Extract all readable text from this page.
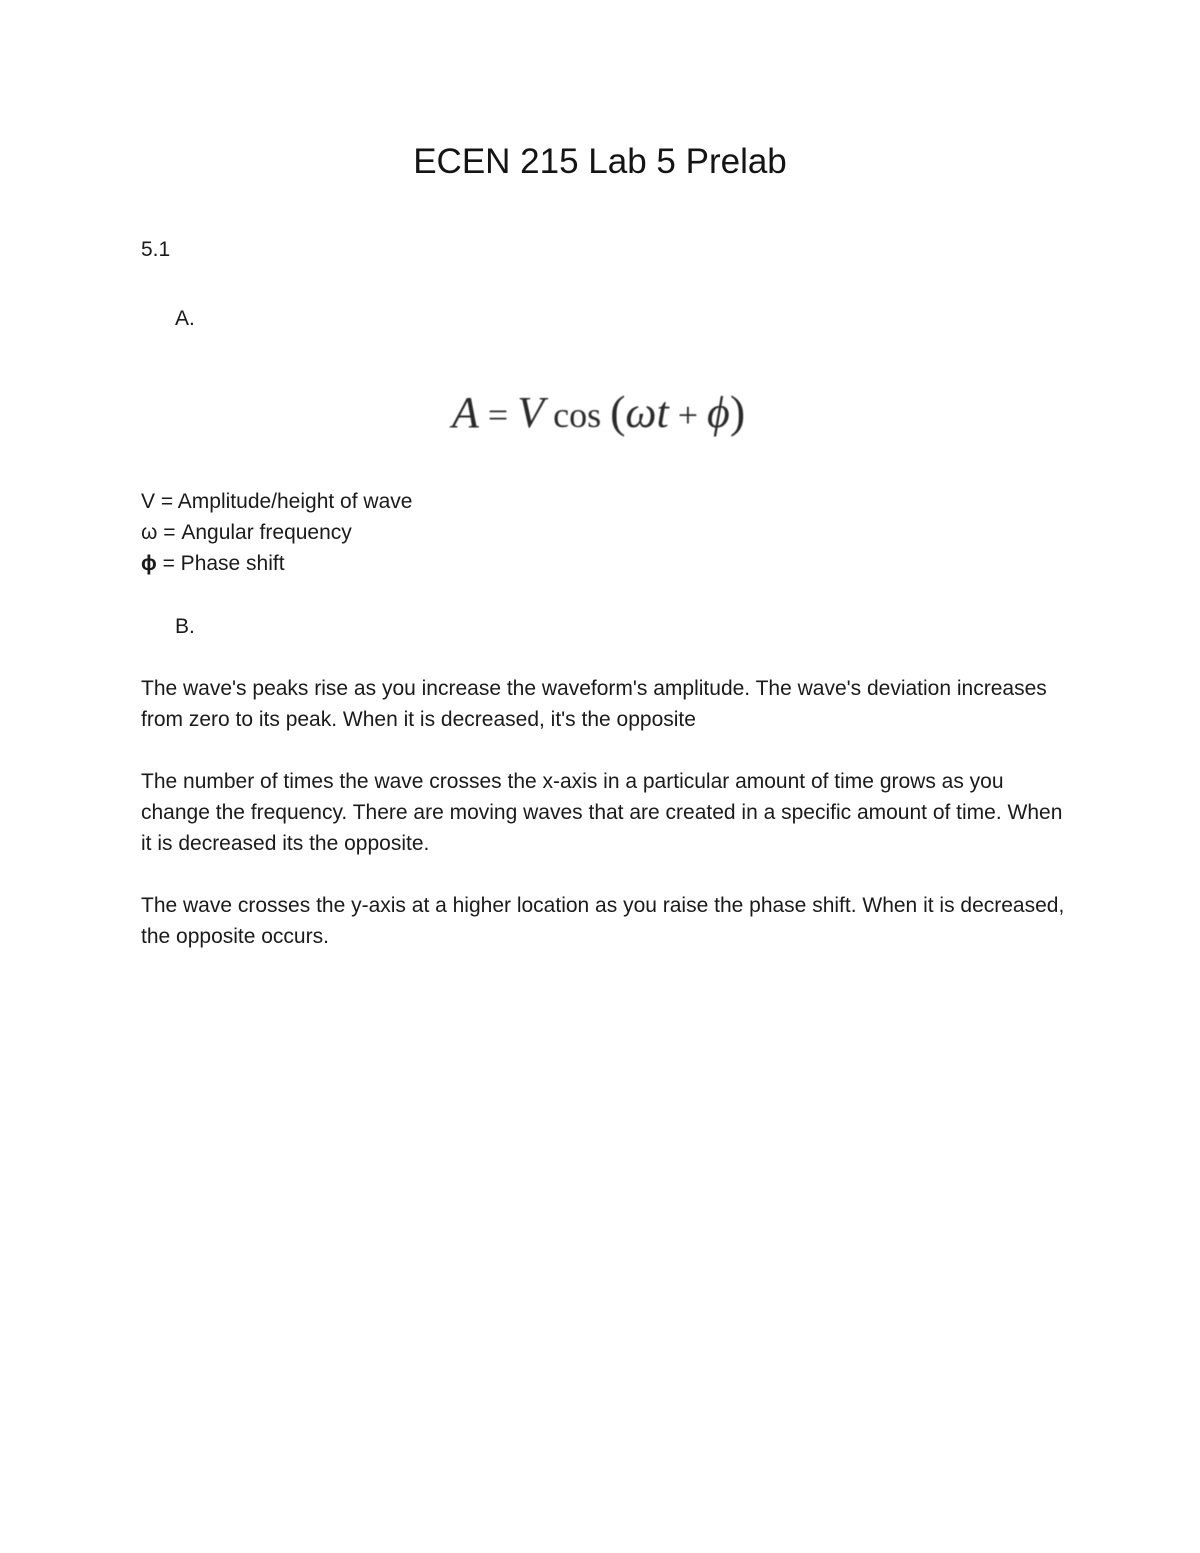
ECEN 215 Lab 5 Prelab
5.1
A.
A = V cos (ωt + ϕ)
V = Amplitude/height of wave
ω = Angular frequency
ϕ = Phase shift
B.

The wave's peaks rise as you increase the waveform's amplitude. The wave's deviation increases from zero to its peak. When it is decreased, it's the opposite

The number of times the wave crosses the x-axis in a particular amount of time grows as you change the frequency. There are moving waves that are created in a specific amount of time. When it is decreased its the opposite.

The wave crosses the y-axis at a higher location as you raise the phase shift. When it is decreased, the opposite occurs.
